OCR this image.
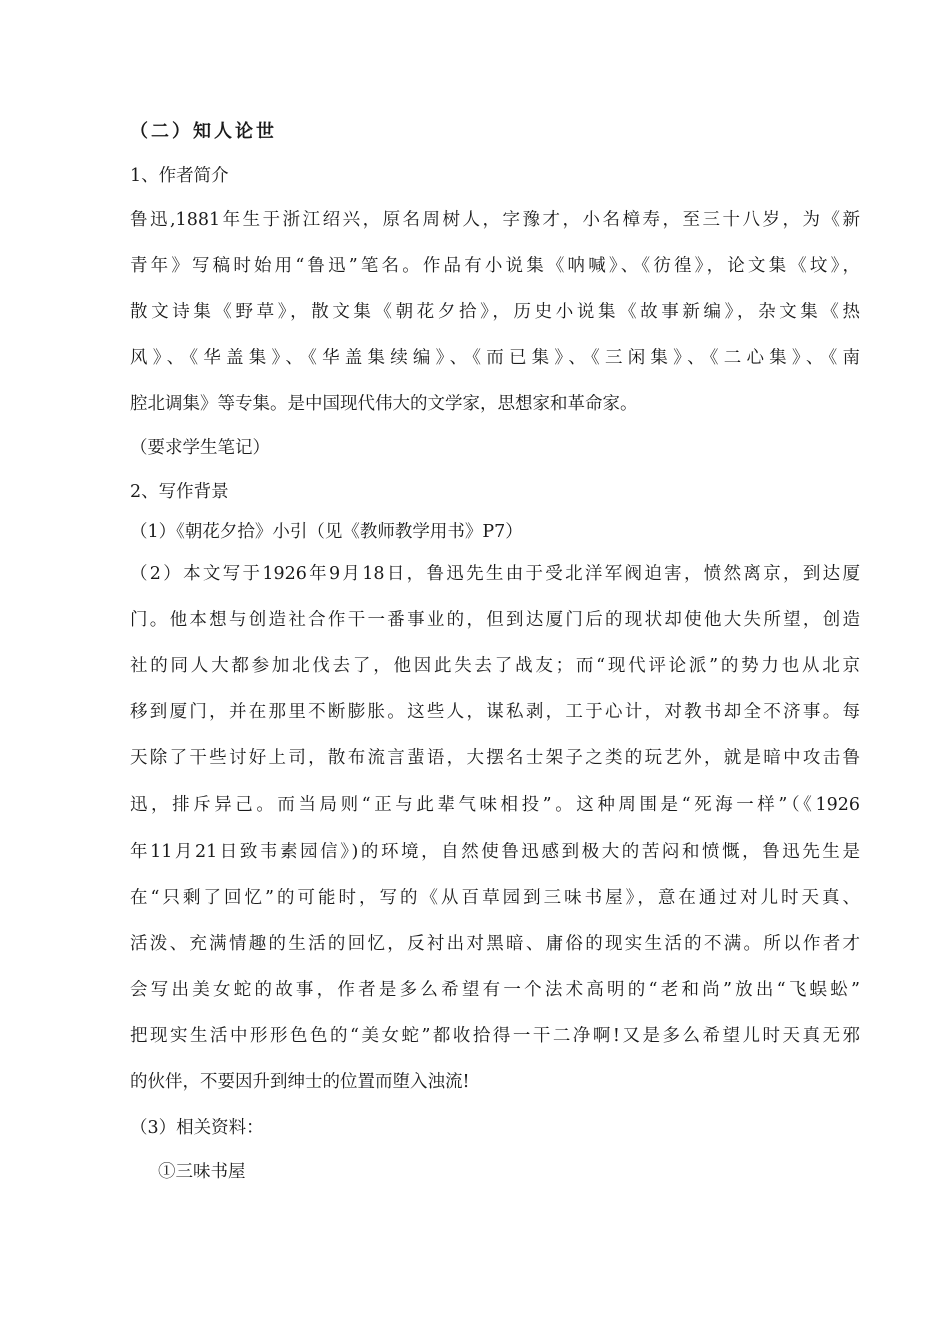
（二）知人论世
1、作者简介
鲁迅,1881年生于浙江绍兴，原名周树人，字豫才，小名樟寿，至三十八岁，为《新
青年》写稿时始用“鲁迅”笔名。作品有小说集《呐喊》、《彷徨》，论文集《坟》，
散文诗集《野草》，散文集《朝花夕拾》，历史小说集《故事新编》，杂文集《热
风》、《华盖集》、《华盖集续编》、《而已集》、《三闲集》、《二心集》、《南
腔北调集》等专集。是中国现代伟大的文学家，思想家和革命家。
（要求学生笔记）
2、写作背景
（1）《朝花夕拾》小引（见《教师教学用书》P7）
（2）本文写于1926年9月18日，鲁迅先生由于受北洋军阀迫害，愤然离京，到达厦
门。他本想与创造社合作干一番事业的，但到达厦门后的现状却使他大失所望，创造
社的同人大都参加北伐去了，他因此失去了战友；而“现代评论派”的势力也从北京
移到厦门，并在那里不断膨胀。这些人，谋私剥，工于心计，对教书却全不济事。每
天除了干些讨好上司，散布流言蜚语，大摆名士架子之类的玩艺外，就是暗中攻击鲁
迅，排斥异己。而当局则“正与此辈气味相投”。这种周围是“死海一样”（《1926
年11月21日致韦素园信》)的环境，自然使鲁迅感到极大的苦闷和愤慨，鲁迅先生是
在“只剩了回忆”的可能时，写的《从百草园到三味书屋》，意在通过对儿时天真、
活泼、充满情趣的生活的回忆，反衬出对黑暗、庸俗的现实生活的不满。所以作者才
会写出美女蛇的故事，作者是多么希望有一个法术高明的“老和尚”放出“飞蜈蚣”
把现实生活中形形色色的“美女蛇”都收拾得一干二净啊!又是多么希望儿时天真无邪
的伙伴，不要因升到绅士的位置而堕入浊流!
（3）相关资料：
①三味书屋
